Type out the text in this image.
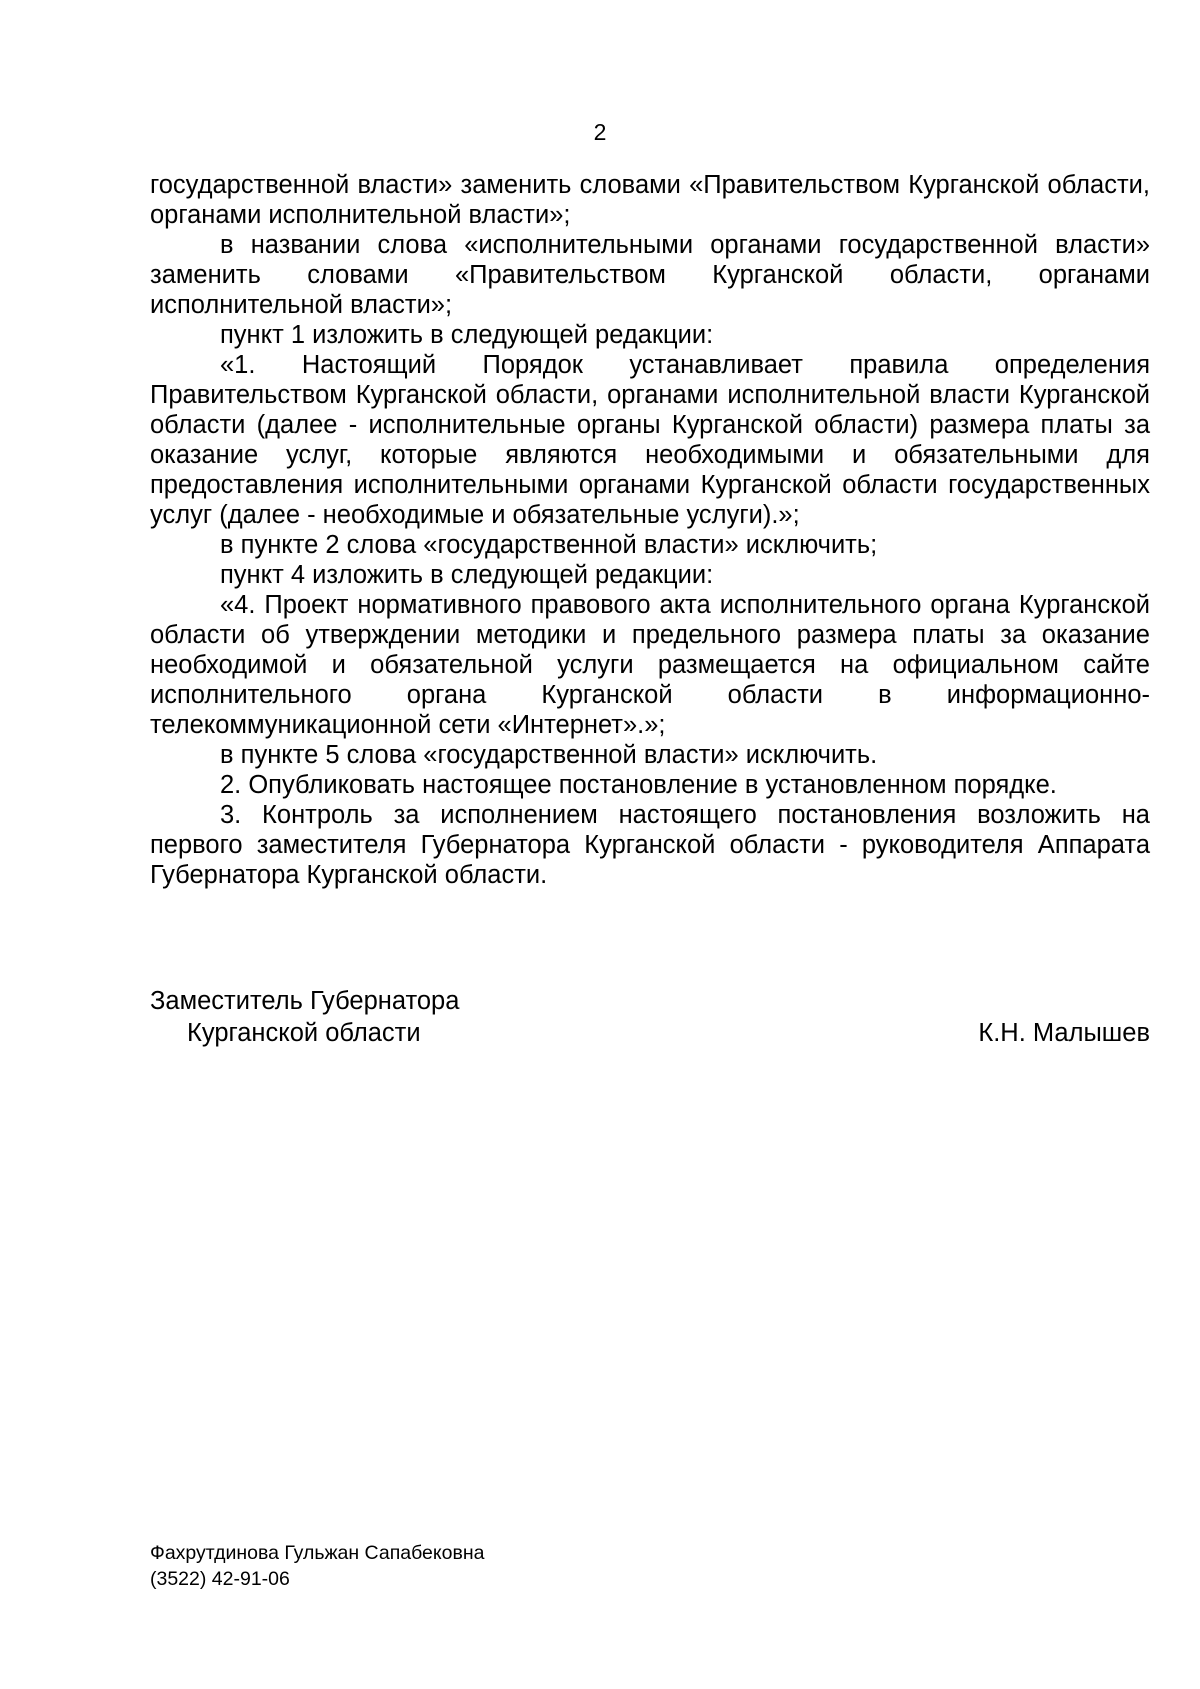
2

государственной власти» заменить словами «Правительством Курганской области, органами исполнительной власти»;

в названии слова «исполнительными органами государственной власти» заменить словами «Правительством Курганской области, органами исполнительной власти»;

пункт 1 изложить в следующей редакции:

«1. Настоящий Порядок устанавливает правила определения Правительством Курганской области, органами исполнительной власти Курганской области (далее - исполнительные органы Курганской области) размера платы за оказание услуг, которые являются необходимыми и обязательными для предоставления исполнительными органами Курганской области государственных услуг (далее - необходимые и обязательные услуги).»;

в пункте 2 слова «государственной власти» исключить;

пункт 4 изложить в следующей редакции:

«4. Проект нормативного правового акта исполнительного органа Курганской области об утверждении методики и предельного размера платы за оказание необходимой и обязательной услуги размещается на официальном сайте исполнительного органа Курганской области в информационно-телекоммуникационной сети «Интернет».»;

в пункте 5 слова «государственной власти» исключить.

2. Опубликовать настоящее постановление в установленном порядке.

3. Контроль за исполнением настоящего постановления возложить на первого заместителя Губернатора Курганской области - руководителя Аппарата Губернатора Курганской области.

Заместитель Губернатора
Курганской области	К.Н. Малышев
Фахрутдинова Гульжан Сапабековна
(3522) 42-91-06
